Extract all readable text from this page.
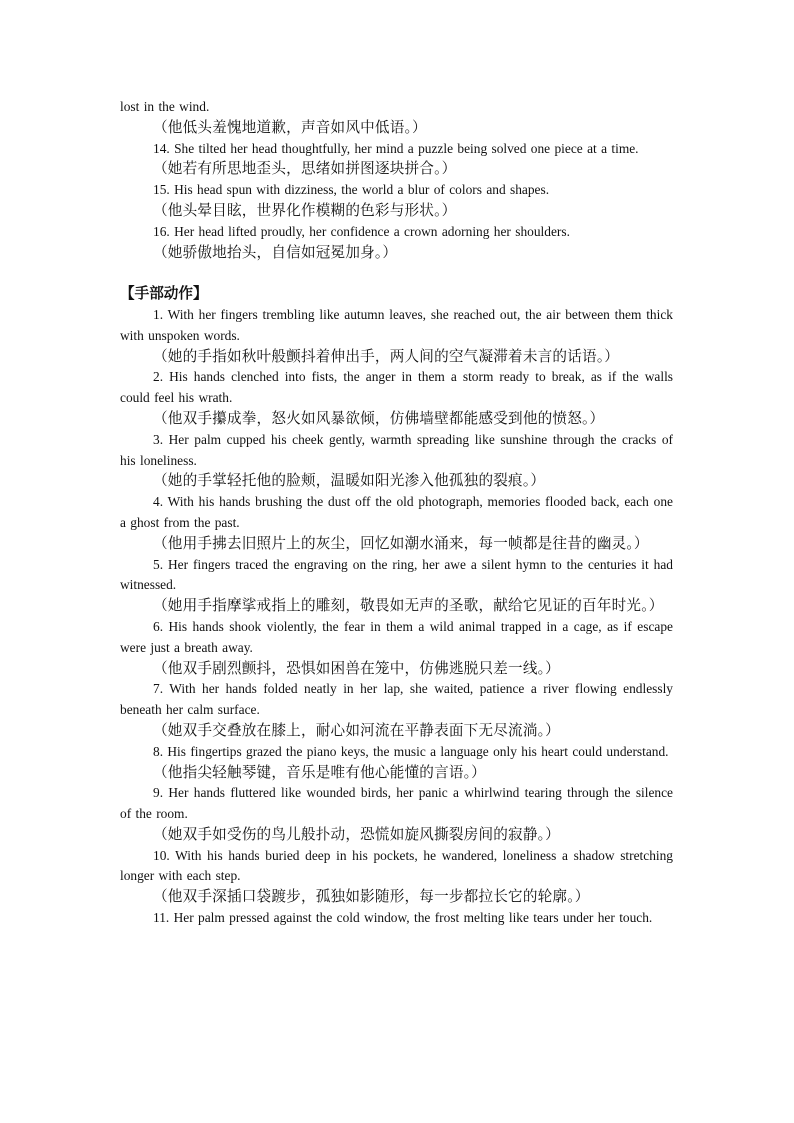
lost in the wind.

（他低头羞愧地道歉，声音如风中低语。）

14. She tilted her head thoughtfully, her mind a puzzle being solved one piece at a time.

（她若有所思地歪头，思绪如拼图逐块拼合。）

15. His head spun with dizziness, the world a blur of colors and shapes.

（他头晕目眩，世界化作模糊的色彩与形状。）

16. Her head lifted proudly, her confidence a crown adorning her shoulders.

（她骄傲地抬头，自信如冠冕加身。）

【手部动作】

1. With her fingers trembling like autumn leaves, she reached out, the air between them thick with unspoken words.

（她的手指如秋叶般颤抖着伸出手，两人间的空气凝滞着未言的话语。）

2. His hands clenched into fists, the anger in them a storm ready to break, as if the walls could feel his wrath.

（他双手攥成拳，怒火如风暴欲倾，仿佛墙壁都能感受到他的愤怒。）

3. Her palm cupped his cheek gently, warmth spreading like sunshine through the cracks of his loneliness.

（她的手掌轻托他的脸颊，温暖如阳光渗入他孤独的裂痕。）

4. With his hands brushing the dust off the old photograph, memories flooded back, each one a ghost from the past.

（他用手拂去旧照片上的灰尘，回忆如潮水涌来，每一帧都是往昔的幽灵。）

5. Her fingers traced the engraving on the ring, her awe a silent hymn to the centuries it had witnessed.

（她用手指摩挲戒指上的雕刻，敬畏如无声的圣歌，献给它见证的百年时光。）

6. His hands shook violently, the fear in them a wild animal trapped in a cage, as if escape were just a breath away.

（他双手剧烈颤抖，恐惧如困兽在笼中，仿佛逃脱只差一线。）

7. With her hands folded neatly in her lap, she waited, patience a river flowing endlessly beneath her calm surface.

（她双手交叠放在膝上，耐心如河流在平静表面下无尽流淌。）

8. His fingertips grazed the piano keys, the music a language only his heart could understand.

（他指尖轻触琴键，音乐是唯有他心能懂的言语。）

9. Her hands fluttered like wounded birds, her panic a whirlwind tearing through the silence of the room.

（她双手如受伤的鸟儿般扑动，恐慌如旋风撕裂房间的寂静。）

10. With his hands buried deep in his pockets, he wandered, loneliness a shadow stretching longer with each step.

（他双手深插口袋踱步，孤独如影随形，每一步都拉长它的轮廓。）

11. Her palm pressed against the cold window, the frost melting like tears under her touch.
